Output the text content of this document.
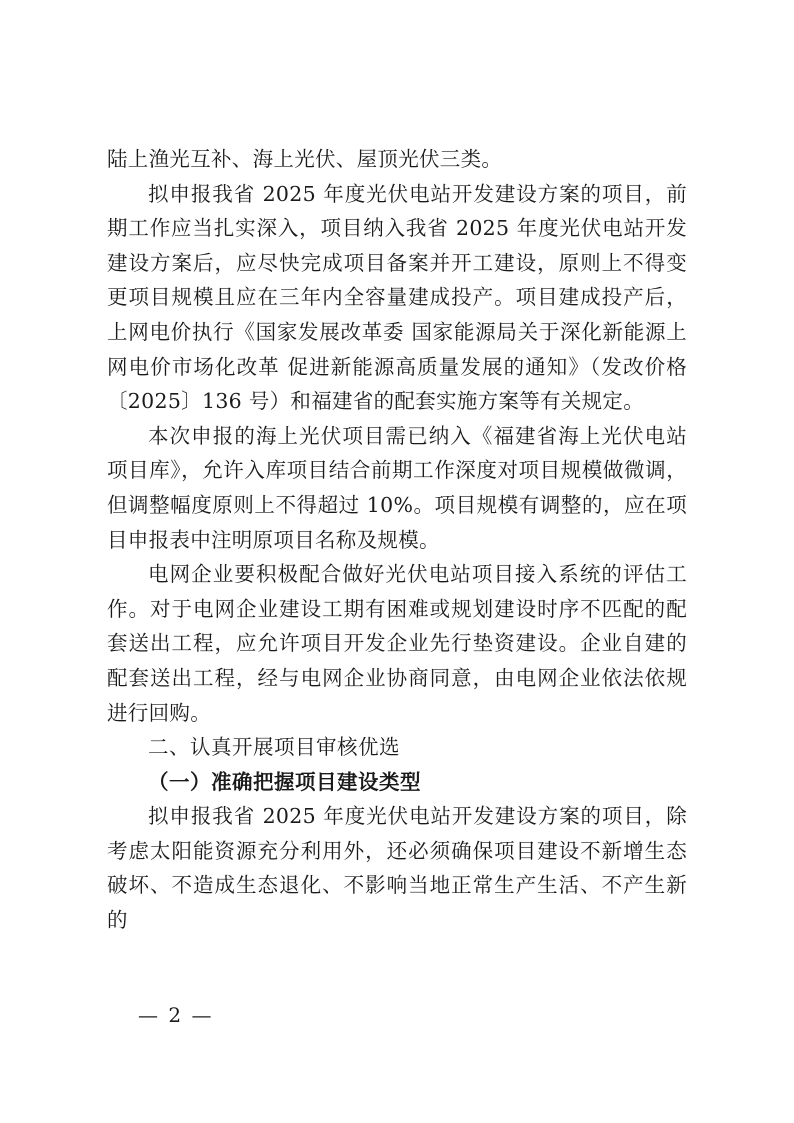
陆上渔光互补、海上光伏、屋顶光伏三类。

拟申报我省 2025 年度光伏电站开发建设方案的项目，前期工作应当扎实深入，项目纳入我省 2025 年度光伏电站开发建设方案后，应尽快完成项目备案并开工建设，原则上不得变更项目规模且应在三年内全容量建成投产。项目建成投产后，上网电价执行《国家发展改革委 国家能源局关于深化新能源上网电价市场化改革 促进新能源高质量发展的通知》（发改价格〔2025〕136 号）和福建省的配套实施方案等有关规定。

本次申报的海上光伏项目需已纳入《福建省海上光伏电站项目库》，允许入库项目结合前期工作深度对项目规模做微调，但调整幅度原则上不得超过 10%。项目规模有调整的，应在项目申报表中注明原项目名称及规模。

电网企业要积极配合做好光伏电站项目接入系统的评估工作。对于电网企业建设工期有困难或规划建设时序不匹配的配套送出工程，应允许项目开发企业先行垫资建设。企业自建的配套送出工程，经与电网企业协商同意，由电网企业依法依规进行回购。

二、认真开展项目审核优选

（一）准确把握项目建设类型

拟申报我省 2025 年度光伏电站开发建设方案的项目，除考虑太阳能资源充分利用外，还必须确保项目建设不新增生态破坏、不造成生态退化、不影响当地正常生产生活、不产生新的

— 2 —
